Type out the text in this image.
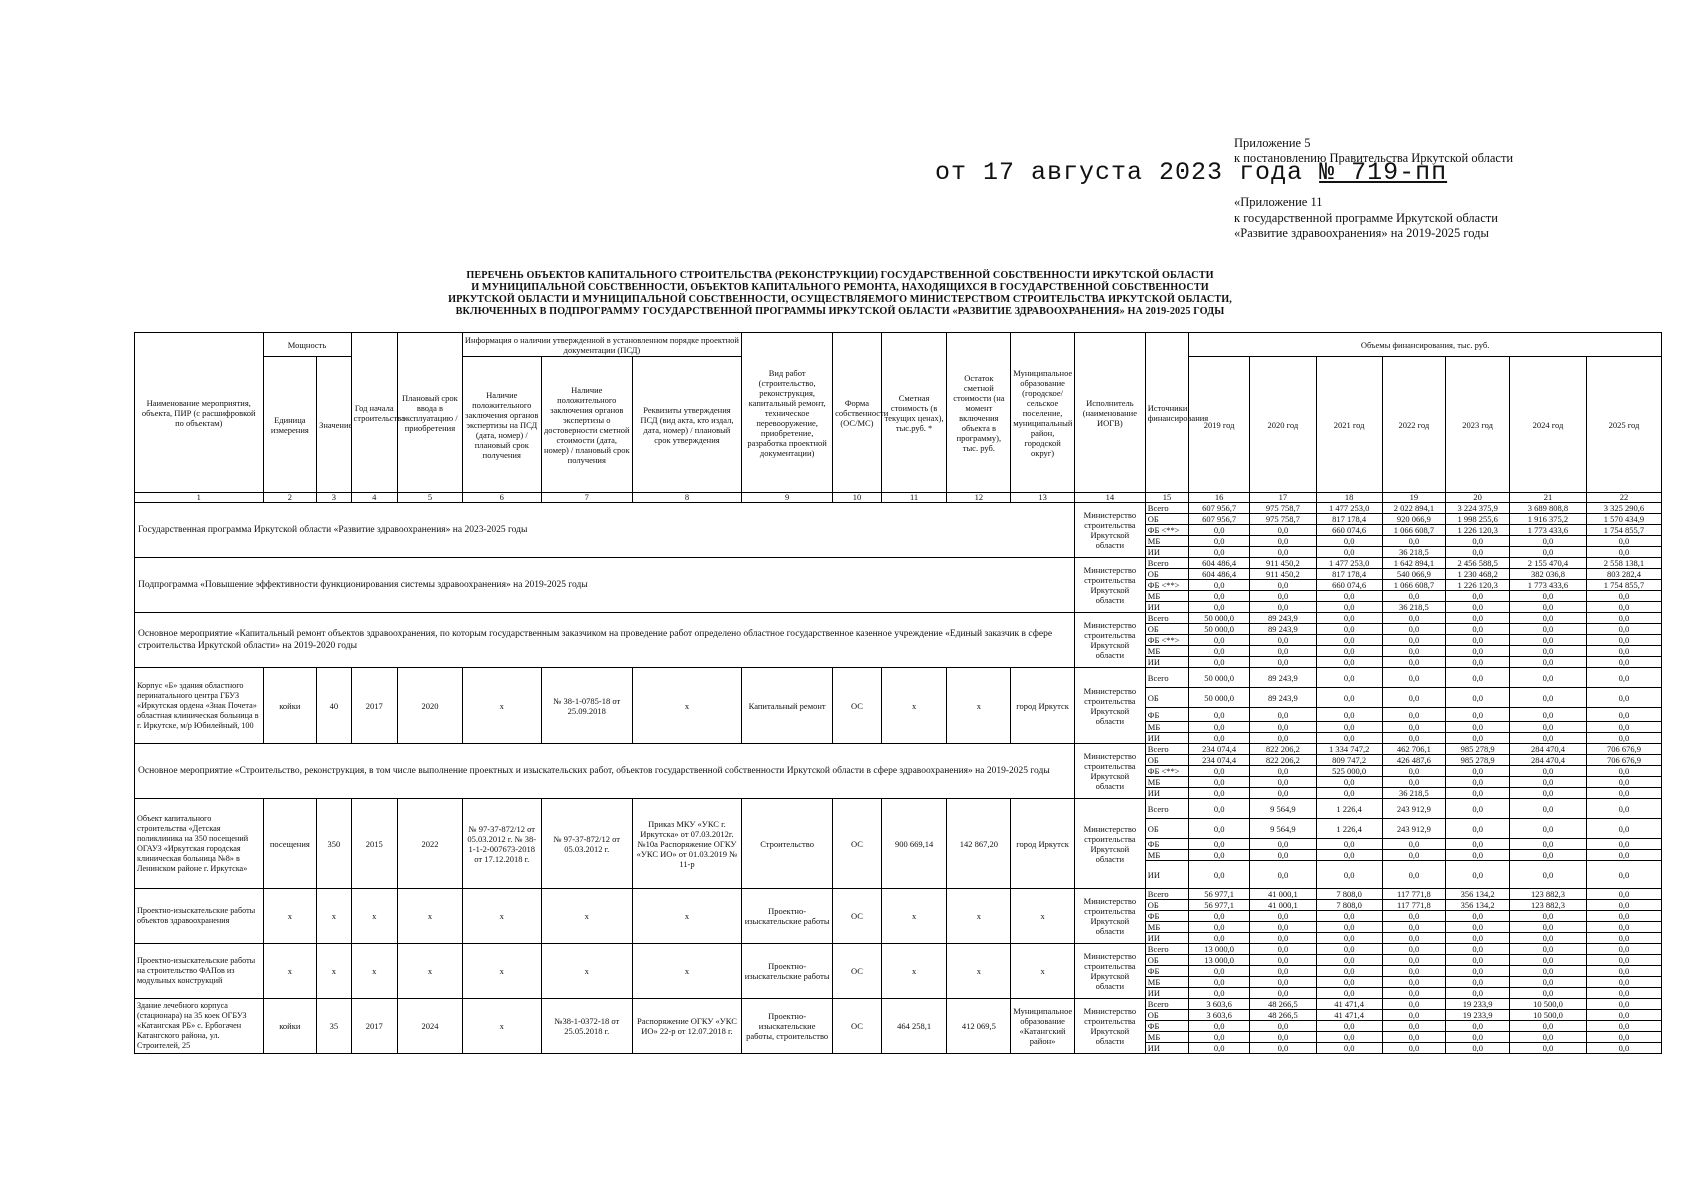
Приложение 5
к постановлению Правительства Иркутской области
от 17 августа 2023 года № 719-пп
«Приложение 11
к государственной программе Иркутской области
«Развитие здравоохранения» на 2019-2025 годы
ПЕРЕЧЕНЬ ОБЪЕКТОВ КАПИТАЛЬНОГО СТРОИТЕЛЬСТВА (РЕКОНСТРУКЦИИ) ГОСУДАРСТВЕННОЙ СОБСТВЕННОСТИ ИРКУТСКОЙ ОБЛАСТИ
И МУНИЦИПАЛЬНОЙ СОБСТВЕННОСТИ, ОБЪЕКТОВ КАПИТАЛЬНОГО РЕМОНТА, НАХОДЯЩИХСЯ В ГОСУДАРСТВЕННОЙ СОБСТВЕННОСТИ
ИРКУТСКОЙ ОБЛАСТИ И МУНИЦИПАЛЬНОЙ СОБСТВЕННОСТИ, ОСУЩЕСТВЛЯЕМОГО МИНИСТЕРСТВОМ СТРОИТЕЛЬСТВА ИРКУТСКОЙ ОБЛАСТИ,
ВКЛЮЧЕННЫХ В ПОДПРОГРАММУ ГОСУДАРСТВЕННОЙ ПРОГРАММЫ ИРКУТСКОЙ ОБЛАСТИ «РАЗВИТИЕ ЗДРАВООХРАНЕНИЯ» НА 2019-2025 ГОДЫ
Наименование мероприятия, объекта, ПИР (с расшифровкой по объектам)	Мощность		Год начала строительства	Плановый срок ввода в эксплуатацию / приобретения	Информация о наличии утвержденной в установленном порядке проектной документации (ПСД)			Вид работ (строительство, реконструкция, капитальный ремонт, техническое перевооружение, приобретение, разработка проектной документации)	Форма собственности (ОС/МС)	Сметная стоимость (в текущих ценах), тыс.руб. *	Остаток сметной стоимости (на момент включения объекта в программу), тыс. руб.	Муниципальное образование (городское/сельское поселение, муниципальный район, городской округ)	Исполнитель (наименование ИОГВ)	Источники финансирования	Объемы финансирования, тыс. руб.						
	Единица измерения	Значение			Наличие положительного заключения органов экспертизы на ПСД (дата, номер) / плановый срок получения	Наличие положительного заключения органов экспертизы о достоверности сметной стоимости (дата, номер) / плановый срок получения	Реквизиты утверждения ПСД (вид акта, кто издал, дата, номер) / плановый срок утверждения								2019 год	2020 год	2021 год	2022 год	2023 год	2024 год	2025 год
1	2	3	4	5	6	7	8	9	10	11	12	13	14	15	16	17	18	19	20	21	22
Государственная программа Иркутской области «Развитие здравоохранения» на 2023-2025 годы													Министерство строительства Иркутской области	Всего	607 956,7	975 758,7	1 477 253,0	2 022 894,1	3 224 375,9	3 689 808,8	3 325 290,6
														ОБ	607 956,7	975 758,7	817 178,4	920 066,9	1 998 255,6	1 916 375,2	1 570 434,9
														ФБ <**>	0,0	0,0	660 074,6	1 066 608,7	1 226 120,3	1 773 433,6	1 754 855,7
														МБ	0,0	0,0	0,0	0,0	0,0	0,0	0,0
														ИИ	0,0	0,0	0,0	36 218,5	0,0	0,0	0,0
Подпрограмма «Повышение эффективности функционирования системы здравоохранения» на 2019-2025 годы													Министерство строительства Иркутской области	Всего	604 486,4	911 450,2	1 477 253,0	1 642 894,1	2 456 588,5	2 155 470,4	2 558 138,1
														ОБ	604 486,4	911 450,2	817 178,4	540 066,9	1 230 468,2	382 036,8	803 282,4
														ФБ <**>	0,0	0,0	660 074,6	1 066 608,7	1 226 120,3	1 773 433,6	1 754 855,7
														МБ	0,0	0,0	0,0	0,0	0,0	0,0	0,0
														ИИ	0,0	0,0	0,0	36 218,5	0,0	0,0	0,0
Основное мероприятие «Капитальный ремонт объектов здравоохранения, по которым государственным заказчиком на проведение работ определено областное государственное казенное учреждение «Единый заказчик в сфере строительства Иркутской области» на 2019-2020 годы													Министерство строительства Иркутской области	Всего	50 000,0	89 243,9	0,0	0,0	0,0	0,0	0,0
														ОБ	50 000,0	89 243,9	0,0	0,0	0,0	0,0	0,0
														ФБ <**>	0,0	0,0	0,0	0,0	0,0	0,0	0,0
														МБ	0,0	0,0	0,0	0,0	0,0	0,0	0,0
														ИИ	0,0	0,0	0,0	0,0	0,0	0,0	0,0
Корпус «Б» здания областного перинатального центра ГБУЗ «Иркутская ордена «Знак Почета» областная клиническая больница в г. Иркутске, м/р Юбилейный, 100	койки	40	2017	2020	x	№ 38-1-0785-18 от 25.09.2018	x	Капитальный ремонт	ОС	x	x	город Иркутск	Министерство строительства Иркутской области	Всего	50 000,0	89 243,9	0,0	0,0	0,0	0,0	0,0
														ОБ	50 000,0	89 243,9	0,0	0,0	0,0	0,0	0,0
														ФБ	0,0	0,0	0,0	0,0	0,0	0,0	0,0
														МБ	0,0	0,0	0,0	0,0	0,0	0,0	0,0
														ИИ	0,0	0,0	0,0	0,0	0,0	0,0	0,0
Основное мероприятие «Строительство, реконструкция, в том числе выполнение проектных и изыскательских работ, объектов государственной собственности Иркутской области в сфере здравоохранения» на 2019-2025 годы													Министерство строительства Иркутской области	Всего	234 074,4	822 206,2	1 334 747,2	462 706,1	985 278,9	284 470,4	706 676,9
														ОБ	234 074,4	822 206,2	809 747,2	426 487,6	985 278,9	284 470,4	706 676,9
														ФБ <**>	0,0	0,0	525 000,0	0,0	0,0	0,0	0,0
														МБ	0,0	0,0	0,0	0,0	0,0	0,0	0,0
														ИИ	0,0	0,0	0,0	36 218,5	0,0	0,0	0,0
Объект капитального строительства «Детская поликлиника на 350 посещений ОГАУЗ «Иркутская городская клиническая больница №8» в Ленинском районе г. Иркутска»	посещения	350	2015	2022	№ 97-37-872/12 от 05.03.2012 г. № 38-1-1-2-007673-2018 от 17.12.2018 г.	№ 97-37-872/12 от 05.03.2012 г.	Приказ МКУ «УКС г. Иркутска» от 07.03.2012г. №10а Распоряжение ОГКУ «УКС ИО» от 01.03.2019 № 11-р	Строительство	ОС	900 669,14	142 867,20	город Иркутск	Министерство строительства Иркутской области	Всего	0,0	9 564,9	1 226,4	243 912,9	0,0	0,0	0,0
														ОБ	0,0	9 564,9	1 226,4	243 912,9	0,0	0,0	0,0
														ФБ	0,0	0,0	0,0	0,0	0,0	0,0	0,0
														МБ	0,0	0,0	0,0	0,0	0,0	0,0	0,0
														ИИ	0,0	0,0	0,0	0,0	0,0	0,0	0,0
Проектно-изыскательские работы объектов здравоохранения	x	x	x	x	x	x	x	Проектно-изыскательские работы	ОС	x	x	x	Министерство строительства Иркутской области	Всего	56 977,1	41 000,1	7 808,0	117 771,8	356 134,2	123 882,3	0,0
														ОБ	56 977,1	41 000,1	7 808,0	117 771,8	356 134,2	123 882,3	0,0
														ФБ	0,0	0,0	0,0	0,0	0,0	0,0	0,0
														МБ	0,0	0,0	0,0	0,0	0,0	0,0	0,0
														ИИ	0,0	0,0	0,0	0,0	0,0	0,0	0,0
Проектно-изыскательские работы на строительство ФАПов из модульных конструкций	x	x	x	x	x	x	x	Проектно-изыскательские работы	ОС	x	x	x	Министерство строительства Иркутской области	Всего	13 000,0	0,0	0,0	0,0	0,0	0,0	0,0
														ОБ	13 000,0	0,0	0,0	0,0	0,0	0,0	0,0
														ФБ	0,0	0,0	0,0	0,0	0,0	0,0	0,0
														МБ	0,0	0,0	0,0	0,0	0,0	0,0	0,0
														ИИ	0,0	0,0	0,0	0,0	0,0	0,0	0,0
Здание лечебного корпуса (стационара) на 35 коек ОГБУЗ «Катангская РБ» с. Ербогачен Катангского района, ул. Строителей, 25	койки	35	2017	2024	x	№38-1-0372-18 от 25.05.2018 г.	Распоряжение ОГКУ «УКС ИО» 22-р от 12.07.2018 г.	Проектно-изыскательские работы, строительство	ОС	464 258,1	412 069,5	Муниципальное образование «Катангский район»	Министерство строительства Иркутской области	Всего	3 603,6	48 266,5	41 471,4	0,0	19 233,9	10 500,0	0,0
														ОБ	3 603,6	48 266,5	41 471,4	0,0	19 233,9	10 500,0	0,0
														ФБ	0,0	0,0	0,0	0,0	0,0	0,0	0,0
														МБ	0,0	0,0	0,0	0,0	0,0	0,0	0,0
														ИИ	0,0	0,0	0,0	0,0	0,0	0,0	0,0
